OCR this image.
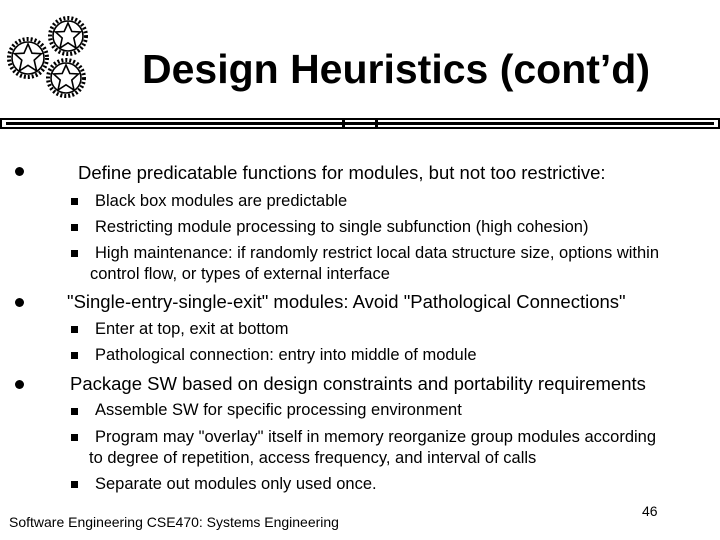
Design Heuristics (cont’d)
Define predicatable functions for modules, but not too restrictive:
Black box modules are predictable
Restricting module processing to single subfunction (high cohesion)
High maintenance: if randomly restrict local data structure size, options within
control flow, or types of external interface
"Single-entry-single-exit" modules: Avoid "Pathological Connections"
Enter at top, exit at bottom
Pathological connection: entry into middle of module
Package SW based on design constraints and portability requirements
Assemble SW for specific processing environment
Program may "overlay" itself in memory reorganize group modules according
to degree of repetition, access frequency, and interval of calls
Separate out modules only used once.
Software Engineering CSE470: Systems Engineering
46
